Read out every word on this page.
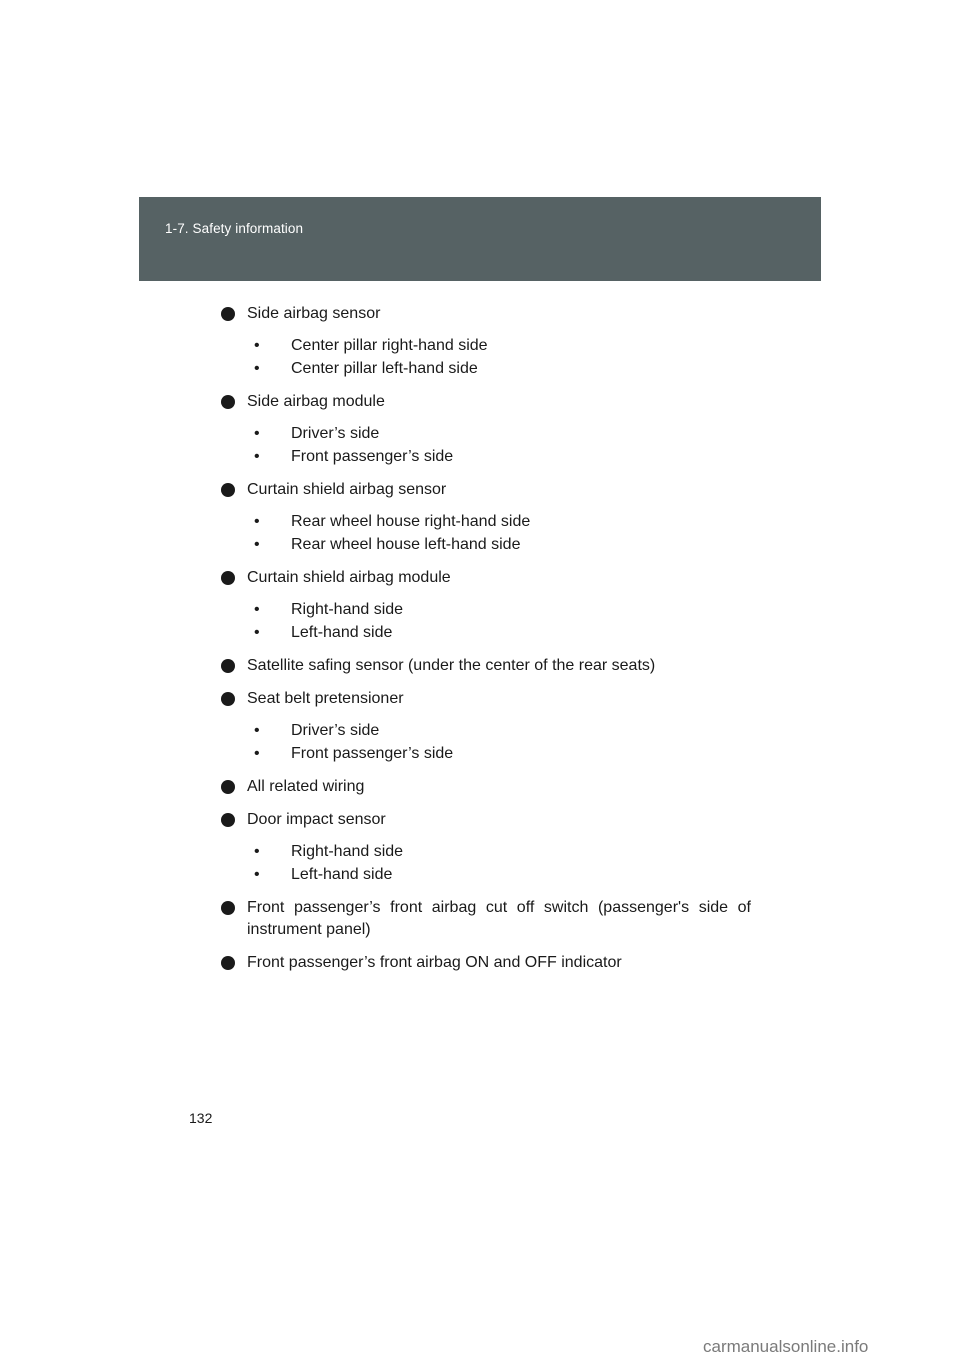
1-7. Safety information
Side airbag sensor
• Center pillar right-hand side
• Center pillar left-hand side
Side airbag module
• Driver’s side
• Front passenger’s side
Curtain shield airbag sensor
• Rear wheel house right-hand side
• Rear wheel house left-hand side
Curtain shield airbag module
• Right-hand side
• Left-hand side
Satellite safing sensor (under the center of the rear seats)
Seat belt pretensioner
• Driver’s side
• Front passenger’s side
All related wiring
Door impact sensor
• Right-hand side
• Left-hand side
Front passenger’s front airbag cut off switch (passenger's side of instrument panel)
Front passenger’s front airbag ON and OFF indicator
132
carmanualsonline.info
